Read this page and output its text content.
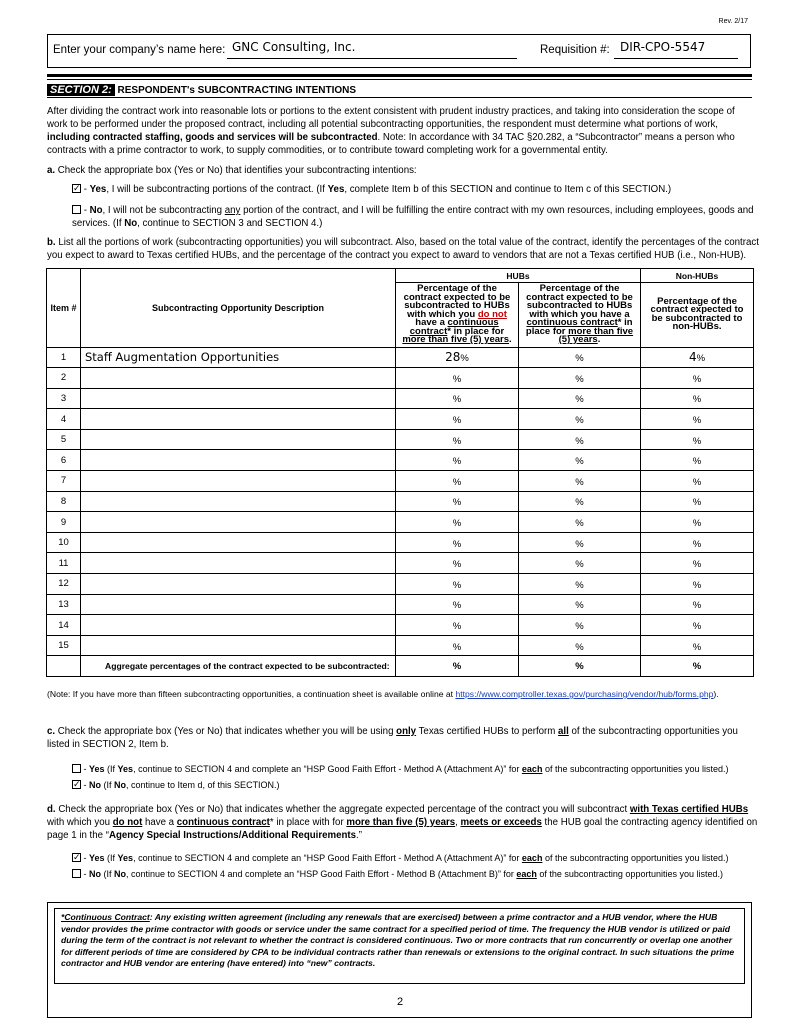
Rev. 2/17
Enter your company’s name here: GNC Consulting, Inc.	Requisition #: DIR-CPO-5547
SECTION 2: RESPONDENT's SUBCONTRACTING INTENTIONS
After dividing the contract work into reasonable lots or portions to the extent consistent with prudent industry practices, and taking into consideration the scope of work to be performed under the proposed contract, including all potential subcontracting opportunities, the respondent must determine what portions of work, including contracted staffing, goods and services will be subcontracted. Note: In accordance with 34 TAC §20.282, a “Subcontractor” means a person who contracts with a prime contractor to work, to supply commodities, or to contribute toward completing work for a governmental entity.
a. Check the appropriate box (Yes or No) that identifies your subcontracting intentions:
✓ - Yes, I will be subcontracting portions of the contract. (If Yes, complete Item b of this SECTION and continue to Item c of this SECTION.)
- No, I will not be subcontracting any portion of the contract, and I will be fulfilling the entire contract with my own resources, including employees, goods and services. (If No, continue to SECTION 3 and SECTION 4.)
b. List all the portions of work (subcontracting opportunities) you will subcontract. Also, based on the total value of the contract, identify the percentages of the contract you expect to award to Texas certified HUBs, and the percentage of the contract you expect to award to vendors that are not a Texas certified HUB (i.e., Non-HUB).
Item #	Subcontracting Opportunity Description	HUBs		Non-HUBs
		Percentage of the contract expected to be subcontracted to HUBs with which you do not have a continuous contract* in place for more than five (5) years.	Percentage of the contract expected to be subcontracted to HUBs with which you have a continuous contract* in place for more than five (5) years.	Percentage of the contract expected to be subcontracted to non-HUBs.
1	Staff Augmentation Opportunities	28%	%	4%
2		%	%	%
3		%	%	%
4		%	%	%
5		%	%	%
6		%	%	%
7		%	%	%
8		%	%	%
9		%	%	%
10		%	%	%
11		%	%	%
12		%	%	%
13		%	%	%
14		%	%	%
15		%	%	%
	Aggregate percentages of the contract expected to be subcontracted:	%	%	%
(Note: If you have more than fifteen subcontracting opportunities, a continuation sheet is available online at https://www.comptroller.texas.gov/purchasing/vendor/hub/forms.php).
c. Check the appropriate box (Yes or No) that indicates whether you will be using only Texas certified HUBs to perform all of the subcontracting opportunities you listed in SECTION 2, Item b.
- Yes (If Yes, continue to SECTION 4 and complete an “HSP Good Faith Effort - Method A (Attachment A)” for each of the subcontracting opportunities you listed.)
✓ - No (If No, continue to Item d, of this SECTION.)
d. Check the appropriate box (Yes or No) that indicates whether the aggregate expected percentage of the contract you will subcontract with Texas certified HUBs with which you do not have a continuous contract* in place with for more than five (5) years, meets or exceeds the HUB goal the contracting agency identified on page 1 in the “Agency Special Instructions/Additional Requirements.”
✓ - Yes (If Yes, continue to SECTION 4 and complete an “HSP Good Faith Effort - Method A (Attachment A)” for each of the subcontracting opportunities you listed.)
- No (If No, continue to SECTION 4 and complete an “HSP Good Faith Effort - Method B (Attachment B)” for each of the subcontracting opportunities you listed.)
*Continuous Contract: Any existing written agreement (including any renewals that are exercised) between a prime contractor and a HUB vendor, where the HUB vendor provides the prime contractor with goods or service under the same contract for a specified period of time. The frequency the HUB vendor is utilized or paid during the term of the contract is not relevant to whether the contract is considered continuous. Two or more contracts that run concurrently or overlap one another for different periods of time are considered by CPA to be individual contracts rather than renewals or extensions to the original contract. In such situations the prime contractor and HUB vendor are entering (have entered) into “new” contracts.
2
